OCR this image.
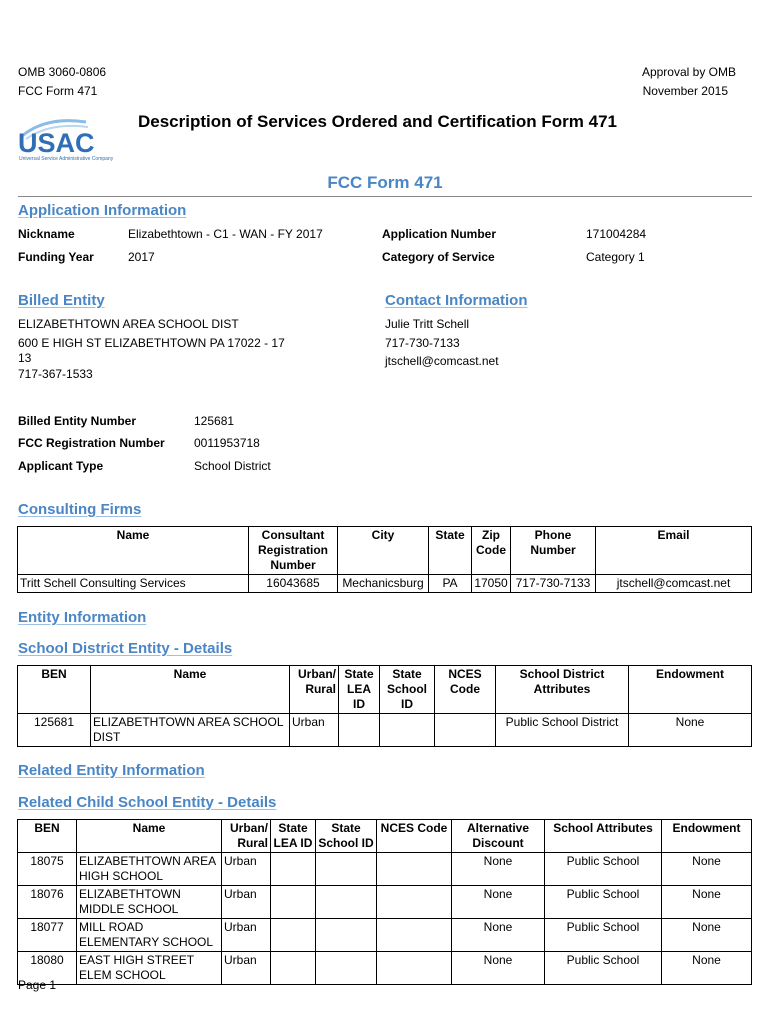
OMB 3060-0806
FCC Form 471
Approval by OMB
November 2015
USAC
Universal Service Administrative Company
Description of Services Ordered and Certification Form 471
FCC Form 471
Application Information
Nickname	Elizabethtown - C1 - WAN - FY 2017	Application Number	171004284
Funding Year	2017	Category of Service	Category 1
Billed Entity	Contact Information
ELIZABETHTOWN AREA SCHOOL DIST
600 E HIGH ST ELIZABETHTOWN PA 17022 - 17
13
717-367-1533
Julie Tritt Schell
717-730-7133
jtschell@comcast.net
Billed Entity Number	125681
FCC Registration Number 0011953718
Applicant Type	School District
Consulting Firms
Name	Consultant Registration Number	City	State	Zip Code	Phone Number	Email
Tritt Schell Consulting Services	16043685	Mechanicsburg	PA	17050	717-730-7133	jtschell@comcast.net
Entity Information
School District Entity - Details
BEN	Name	Urban/ Rural	State LEA ID	State School ID	NCES Code	School District Attributes	Endowment
125681	ELIZABETHTOWN AREA SCHOOL DIST	Urban				Public School District	None
Related Entity Information
Related Child School Entity - Details
BEN	Name	Urban/ Rural	State LEA ID	State School ID	NCES Code	Alternative Discount	School Attributes	Endowment
18075	ELIZABETHTOWN AREA HIGH SCHOOL	Urban				None	Public School	None
18076	ELIZABETHTOWN MIDDLE SCHOOL	Urban				None	Public School	None
18077	MILL ROAD ELEMENTARY SCHOOL	Urban				None	Public School	None
18080	EAST HIGH STREET ELEM SCHOOL	Urban				None	Public School	None
Page 1
